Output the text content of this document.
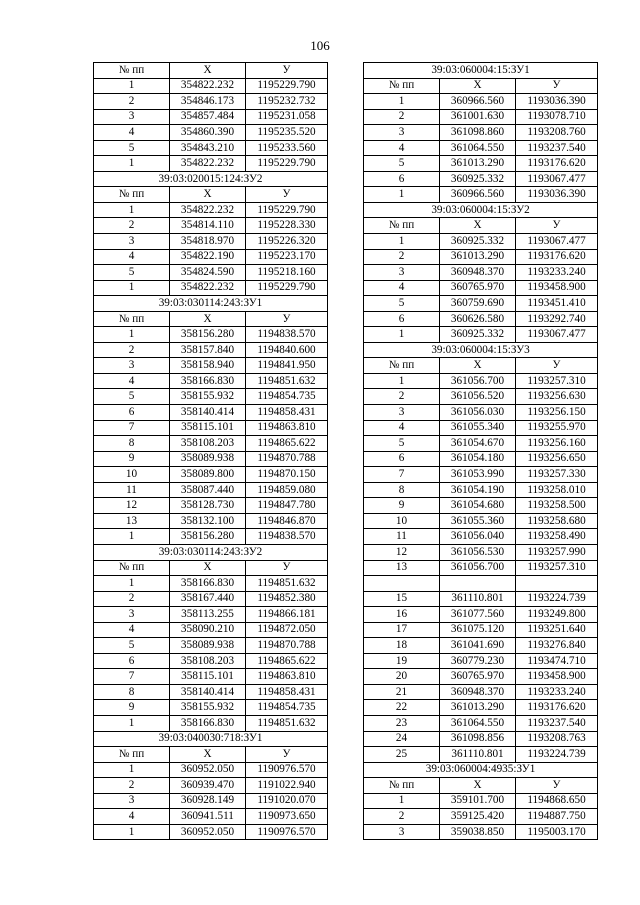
106
№ пп	Х	У
1	354822.232	1195229.790
2	354846.173	1195232.732
3	354857.484	1195231.058
4	354860.390	1195235.520
5	354843.210	1195233.560
1	354822.232	1195229.790
39:03:020015:124:ЗУ2		
№ пп	Х	У
1	354822.232	1195229.790
2	354814.110	1195228.330
3	354818.970	1195226.320
4	354822.190	1195223.170
5	354824.590	1195218.160
1	354822.232	1195229.790
39:03:030114:243:ЗУ1		
№ пп	Х	У
1	358156.280	1194838.570
2	358157.840	1194840.600
3	358158.940	1194841.950
4	358166.830	1194851.632
5	358155.932	1194854.735
6	358140.414	1194858.431
7	358115.101	1194863.810
8	358108.203	1194865.622
9	358089.938	1194870.788
10	358089.800	1194870.150
11	358087.440	1194859.080
12	358128.730	1194847.780
13	358132.100	1194846.870
1	358156.280	1194838.570
39:03:030114:243:ЗУ2		
№ пп	Х	У
1	358166.830	1194851.632
2	358167.440	1194852.380
3	358113.255	1194866.181
4	358090.210	1194872.050
5	358089.938	1194870.788
6	358108.203	1194865.622
7	358115.101	1194863.810
8	358140.414	1194858.431
9	358155.932	1194854.735
1	358166.830	1194851.632
39:03:040030:718:ЗУ1		
№ пп	Х	У
1	360952.050	1190976.570
2	360939.470	1191022.940
3	360928.149	1191020.070
4	360941.511	1190973.650
1	360952.050	1190976.570
39:03:060004:15:ЗУ1		
№ пп	Х	У
1	360966.560	1193036.390
2	361001.630	1193078.710
3	361098.860	1193208.760
4	361064.550	1193237.540
5	361013.290	1193176.620
6	360925.332	1193067.477
1	360966.560	1193036.390
39:03:060004:15:ЗУ2		
№ пп	Х	У
1	360925.332	1193067.477
2	361013.290	1193176.620
3	360948.370	1193233.240
4	360765.970	1193458.900
5	360759.690	1193451.410
6	360626.580	1193292.740
1	360925.332	1193067.477
39:03:060004:15:ЗУ3		
№ пп	Х	У
1	361056.700	1193257.310
2	361056.520	1193256.630
3	361056.030	1193256.150
4	361055.340	1193255.970
5	361054.670	1193256.160
6	361054.180	1193256.650
7	361053.990	1193257.330
8	361054.190	1193258.010
9	361054.680	1193258.500
10	361055.360	1193258.680
11	361056.040	1193258.490
12	361056.530	1193257.990
13	361056.700	1193257.310

15	361110.801	1193224.739
16	361077.560	1193249.800
17	361075.120	1193251.640
18	361041.690	1193276.840
19	360779.230	1193474.710
20	360765.970	1193458.900
21	360948.370	1193233.240
22	361013.290	1193176.620
23	361064.550	1193237.540
24	361098.856	1193208.763
25	361110.801	1193224.739
39:03:060004:4935:ЗУ1		
№ пп	Х	У
1	359101.700	1194868.650
2	359125.420	1194887.750
3	359038.850	1195003.170
